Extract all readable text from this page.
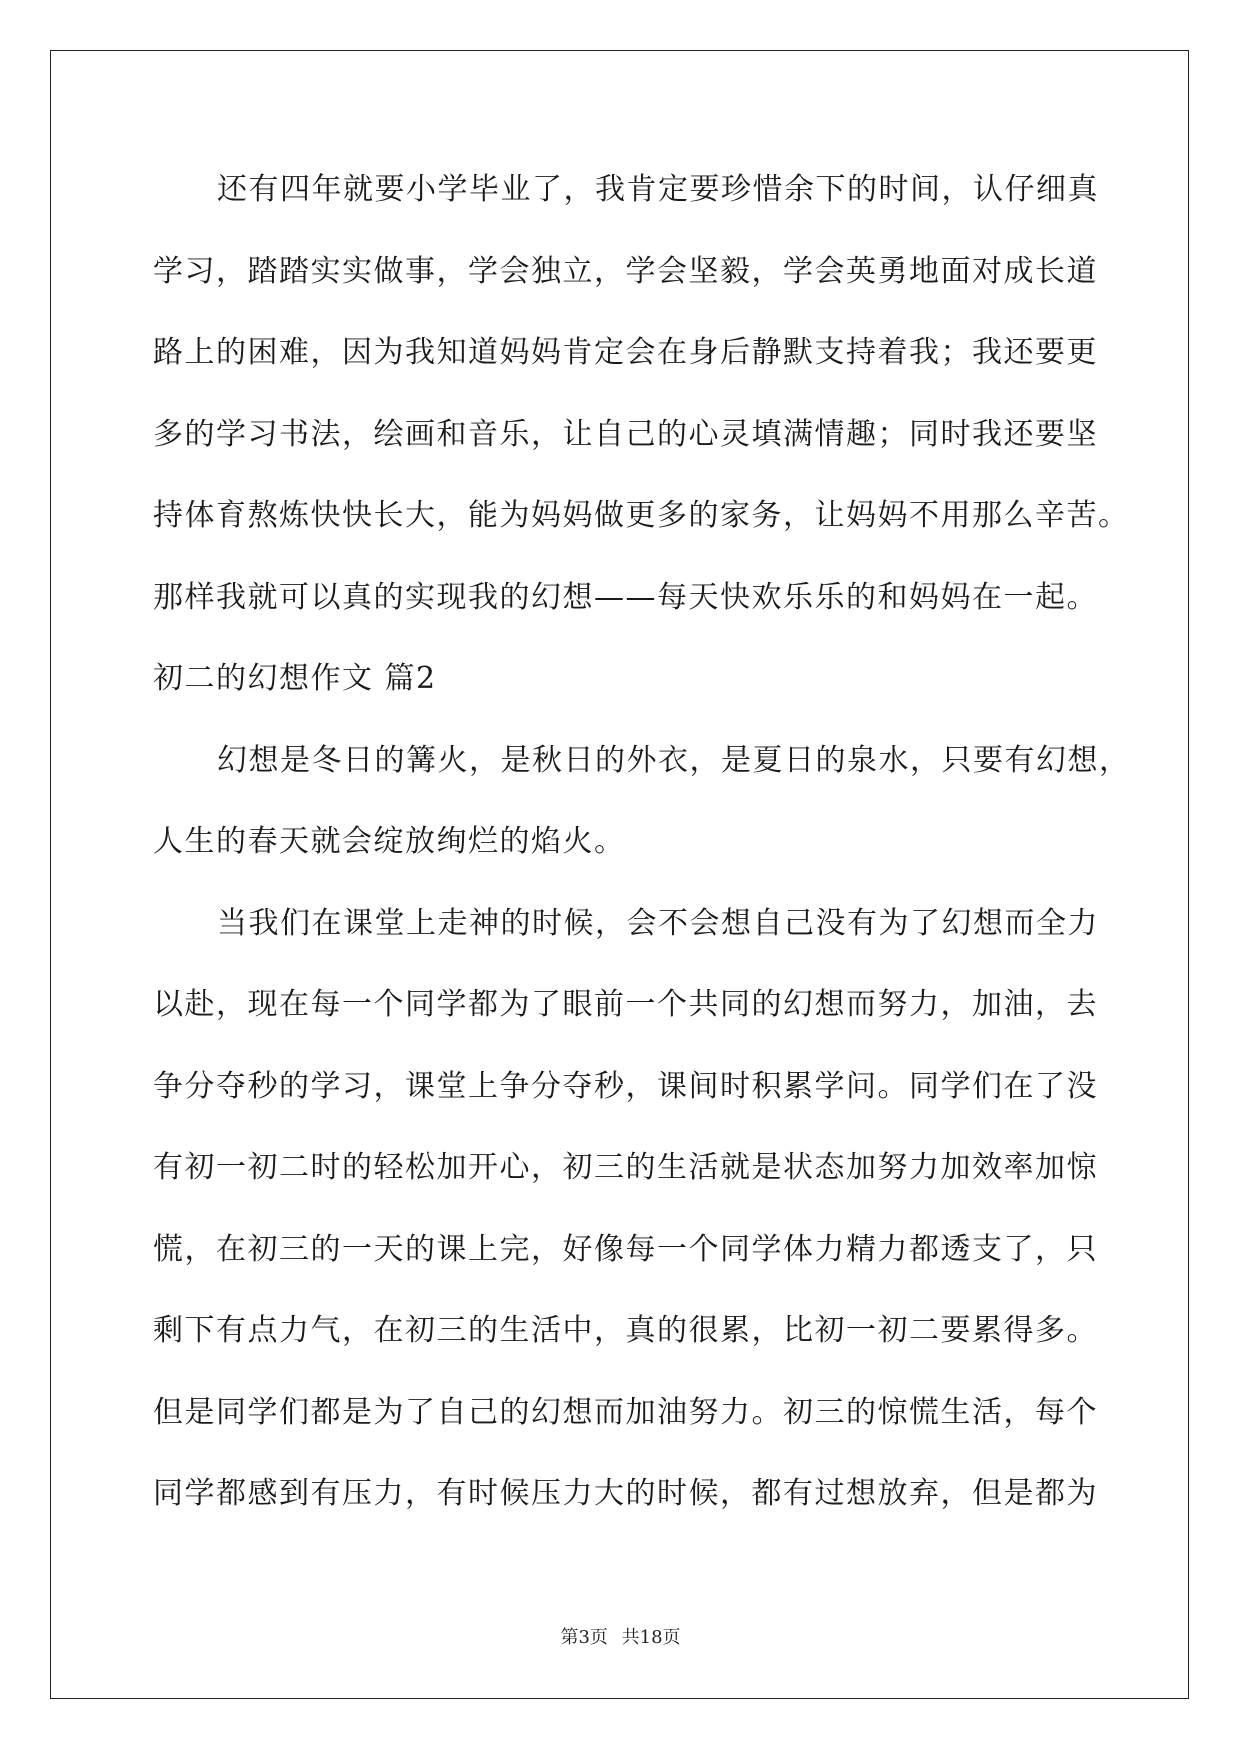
还有四年就要小学毕业了，我肯定要珍惜余下的时间，认仔细真
学习，踏踏实实做事，学会独立，学会坚毅，学会英勇地面对成长道
路上的困难，因为我知道妈妈肯定会在身后静默支持着我；我还要更
多的学习书法，绘画和音乐，让自己的心灵填满情趣；同时我还要坚
持体育熬炼快快长大，能为妈妈做更多的家务，让妈妈不用那么辛苦。
那样我就可以真的实现我的幻想——每天快欢乐乐的和妈妈在一起。
初二的幻想作文 篇2
幻想是冬日的篝火，是秋日的外衣，是夏日的泉水，只要有幻想，
人生的春天就会绽放绚烂的焰火。
当我们在课堂上走神的时候，会不会想自己没有为了幻想而全力
以赴，现在每一个同学都为了眼前一个共同的幻想而努力，加油，去
争分夺秒的学习，课堂上争分夺秒，课间时积累学问。同学们在了没
有初一初二时的轻松加开心，初三的生活就是状态加努力加效率加惊
慌，在初三的一天的课上完，好像每一个同学体力精力都透支了，只
剩下有点力气，在初三的生活中，真的很累，比初一初二要累得多。
但是同学们都是为了自己的幻想而加油努力。初三的惊慌生活，每个
同学都感到有压力，有时候压力大的时候，都有过想放弃，但是都为
第3页 共18页
